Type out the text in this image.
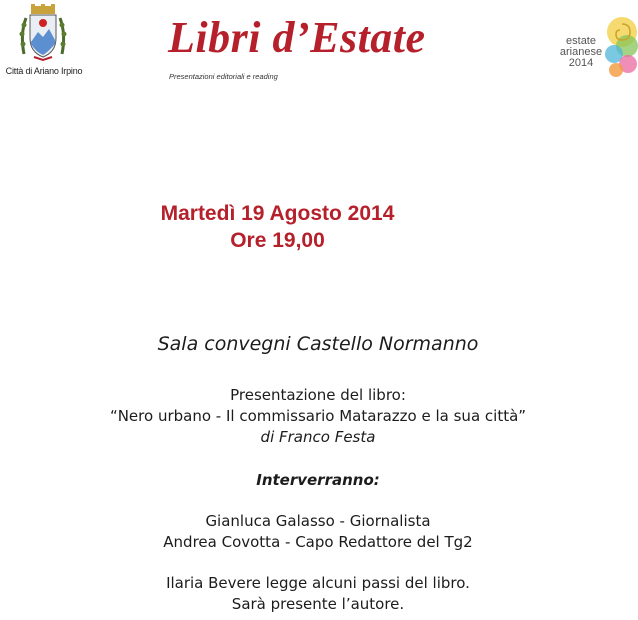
Città di Ariano Irpino
Libri d’Estate
Presentazioni editoriali e reading
estate
arianese
2014
Martedì 19 Agosto 2014
Ore 19,00
Sala convegni Castello Normanno
Presentazione del libro:
“Nero urbano - Il commissario Matarazzo e la sua città”
di Franco Festa
Interverranno:
Gianluca Galasso - Giornalista
Andrea Covotta - Capo Redattore del Tg2
Ilaria Bevere legge alcuni passi del libro.
Sarà presente l’autore.
